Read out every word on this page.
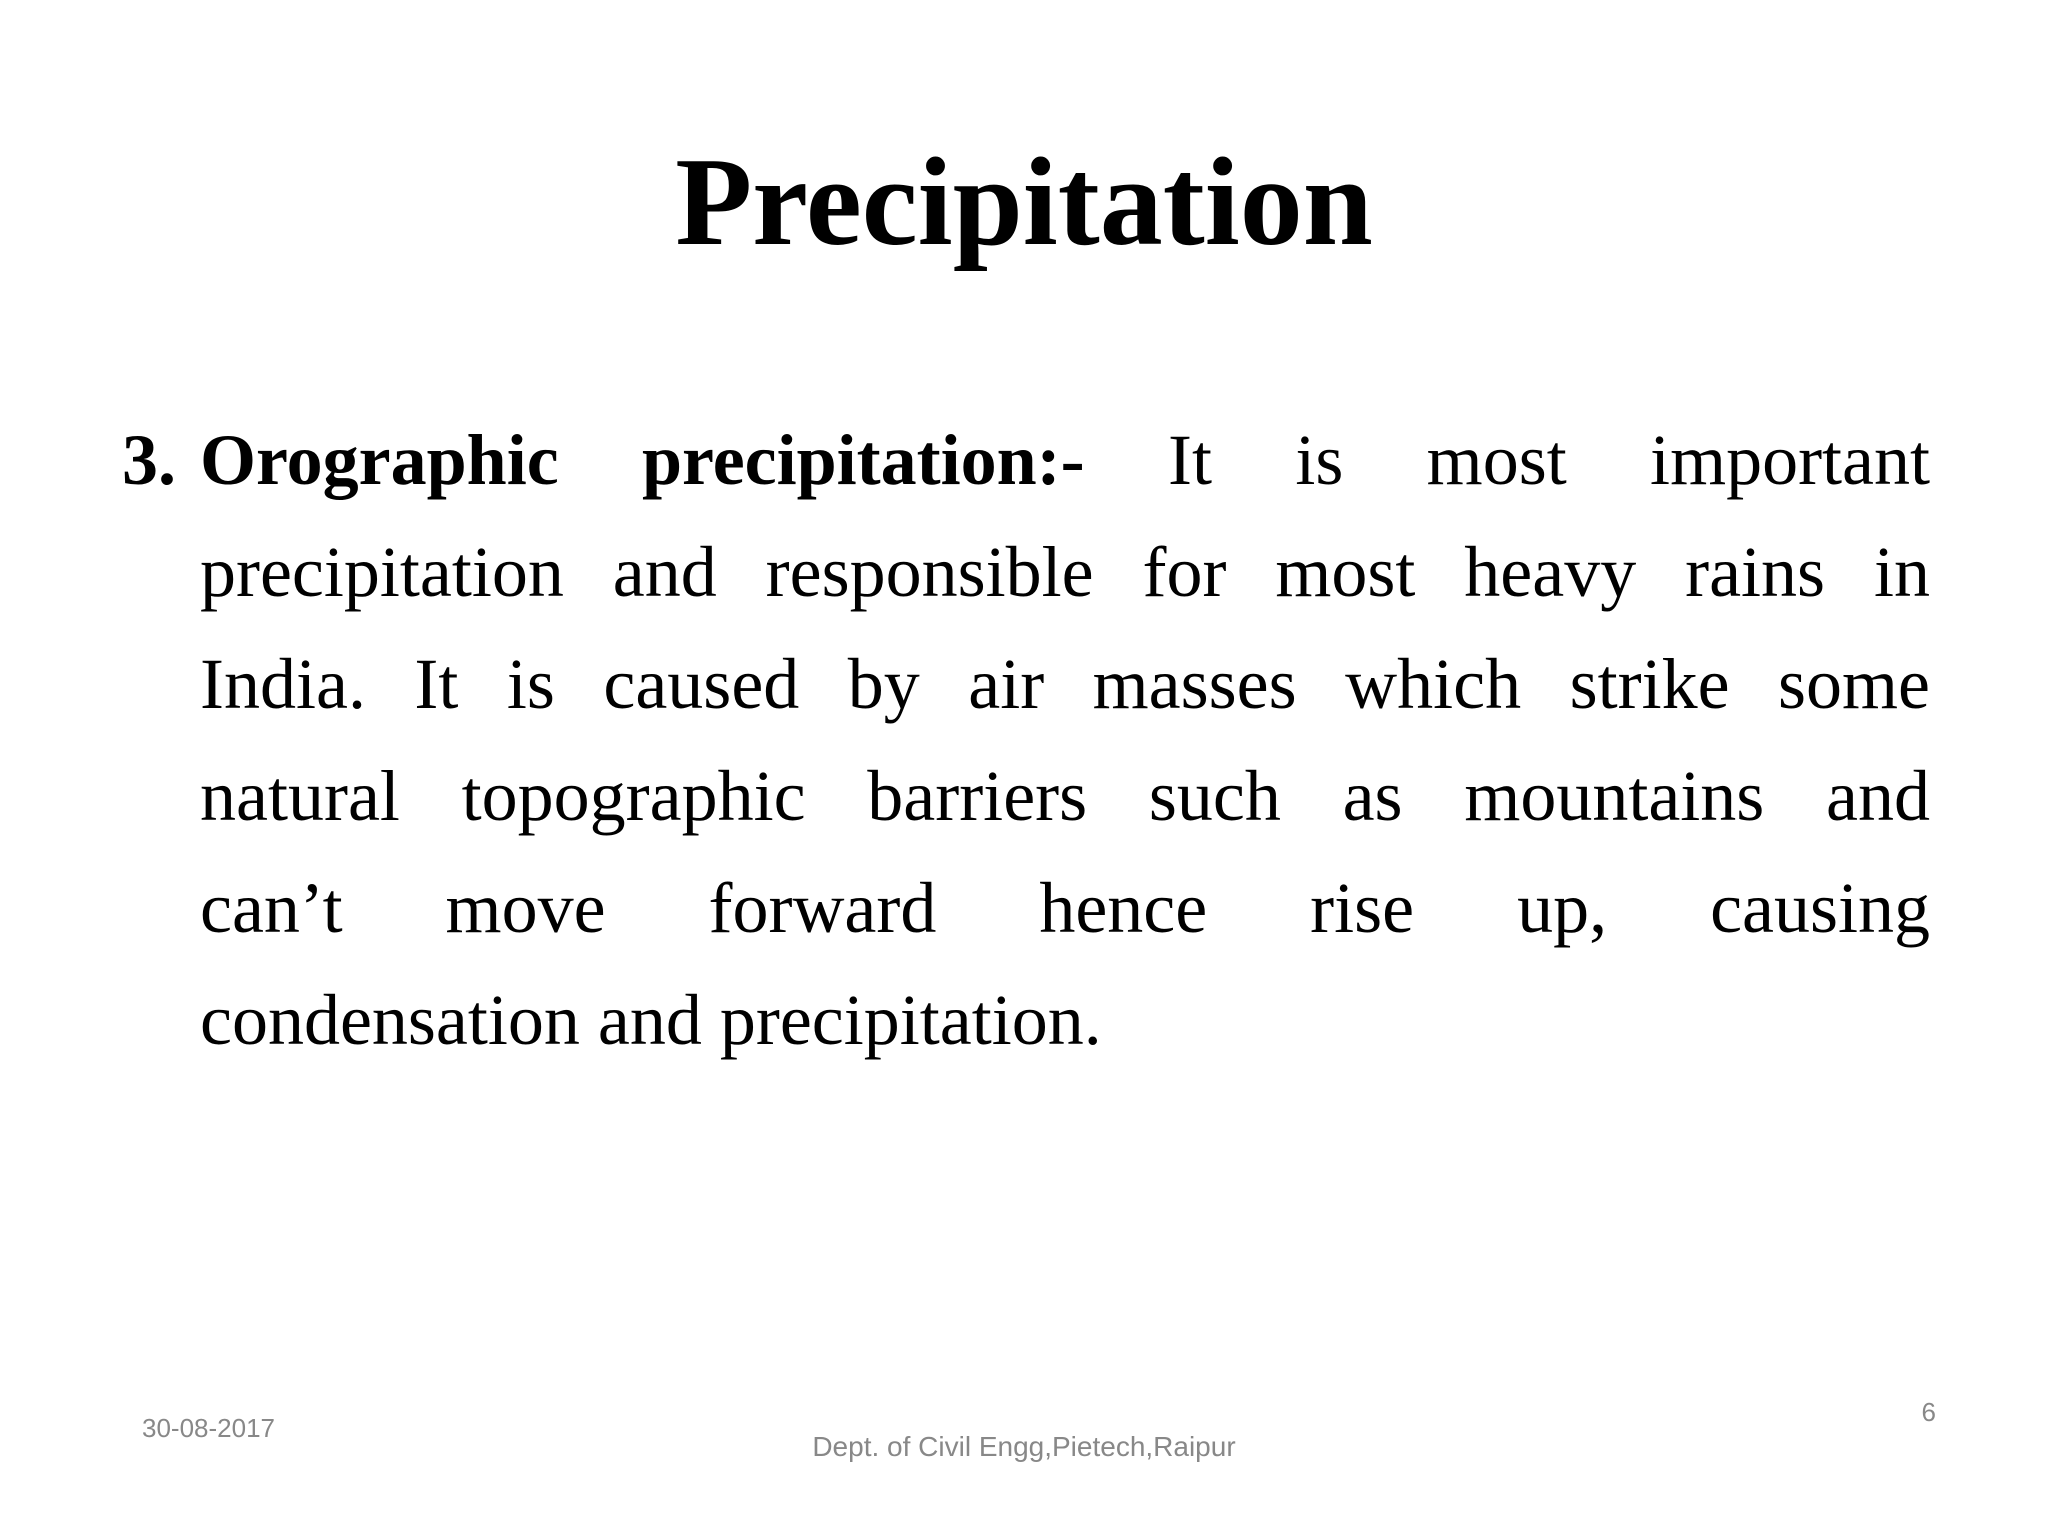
Precipitation
3. Orographic precipitation:- It is most important
precipitation and responsible for most heavy rains in
India. It is caused by air masses which strike some
natural topographic barriers such as mountains and
can’t move forward hence rise up, causing
condensation and precipitation.
30-08-2017
Dept. of Civil Engg,Pietech,Raipur
6
